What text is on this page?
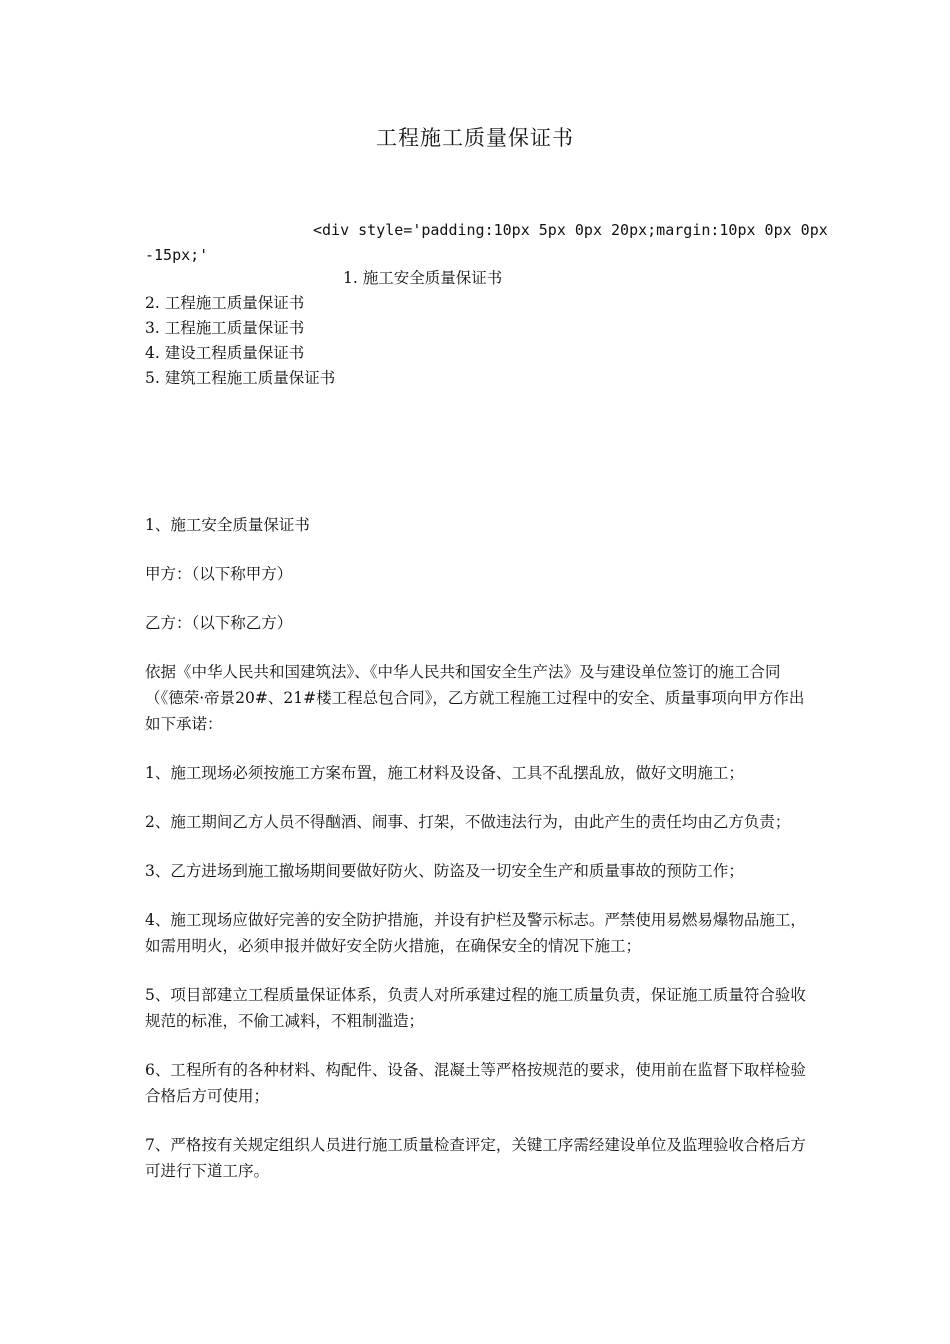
工程施工质量保证书
<div style='padding:10px 5px 0px 20px;margin:10px 0px 0px
-15px;'
1. 施工安全质量保证书
2. 工程施工质量保证书
3. 工程施工质量保证书
4. 建设工程质量保证书
5. 建筑工程施工质量保证书

1、施工安全质量保证书

甲方：（以下称甲方）

乙方：（以下称乙方）

依据《中华人民共和国建筑法》、《中华人民共和国安全生产法》及与建设单位签订的施工合同（《德荣·帝景20#、21#楼工程总包合同》，乙方就工程施工过程中的安全、质量事项向甲方作出如下承诺：

1、施工现场必须按施工方案布置，施工材料及设备、工具不乱摆乱放，做好文明施工；

2、施工期间乙方人员不得酗酒、闹事、打架，不做违法行为，由此产生的责任均由乙方负责；

3、乙方进场到施工撤场期间要做好防火、防盗及一切安全生产和质量事故的预防工作；

4、施工现场应做好完善的安全防护措施，并设有护栏及警示标志。严禁使用易燃易爆物品施工，如需用明火，必须申报并做好安全防火措施，在确保安全的情况下施工；

5、项目部建立工程质量保证体系，负责人对所承建过程的施工质量负责，保证施工质量符合验收规范的标准，不偷工减料，不粗制滥造；

6、工程所有的各种材料、构配件、设备、混凝土等严格按规范的要求，使用前在监督下取样检验合格后方可使用；

7、严格按有关规定组织人员进行施工质量检查评定，关键工序需经建设单位及监理验收合格后方可进行下道工序。
